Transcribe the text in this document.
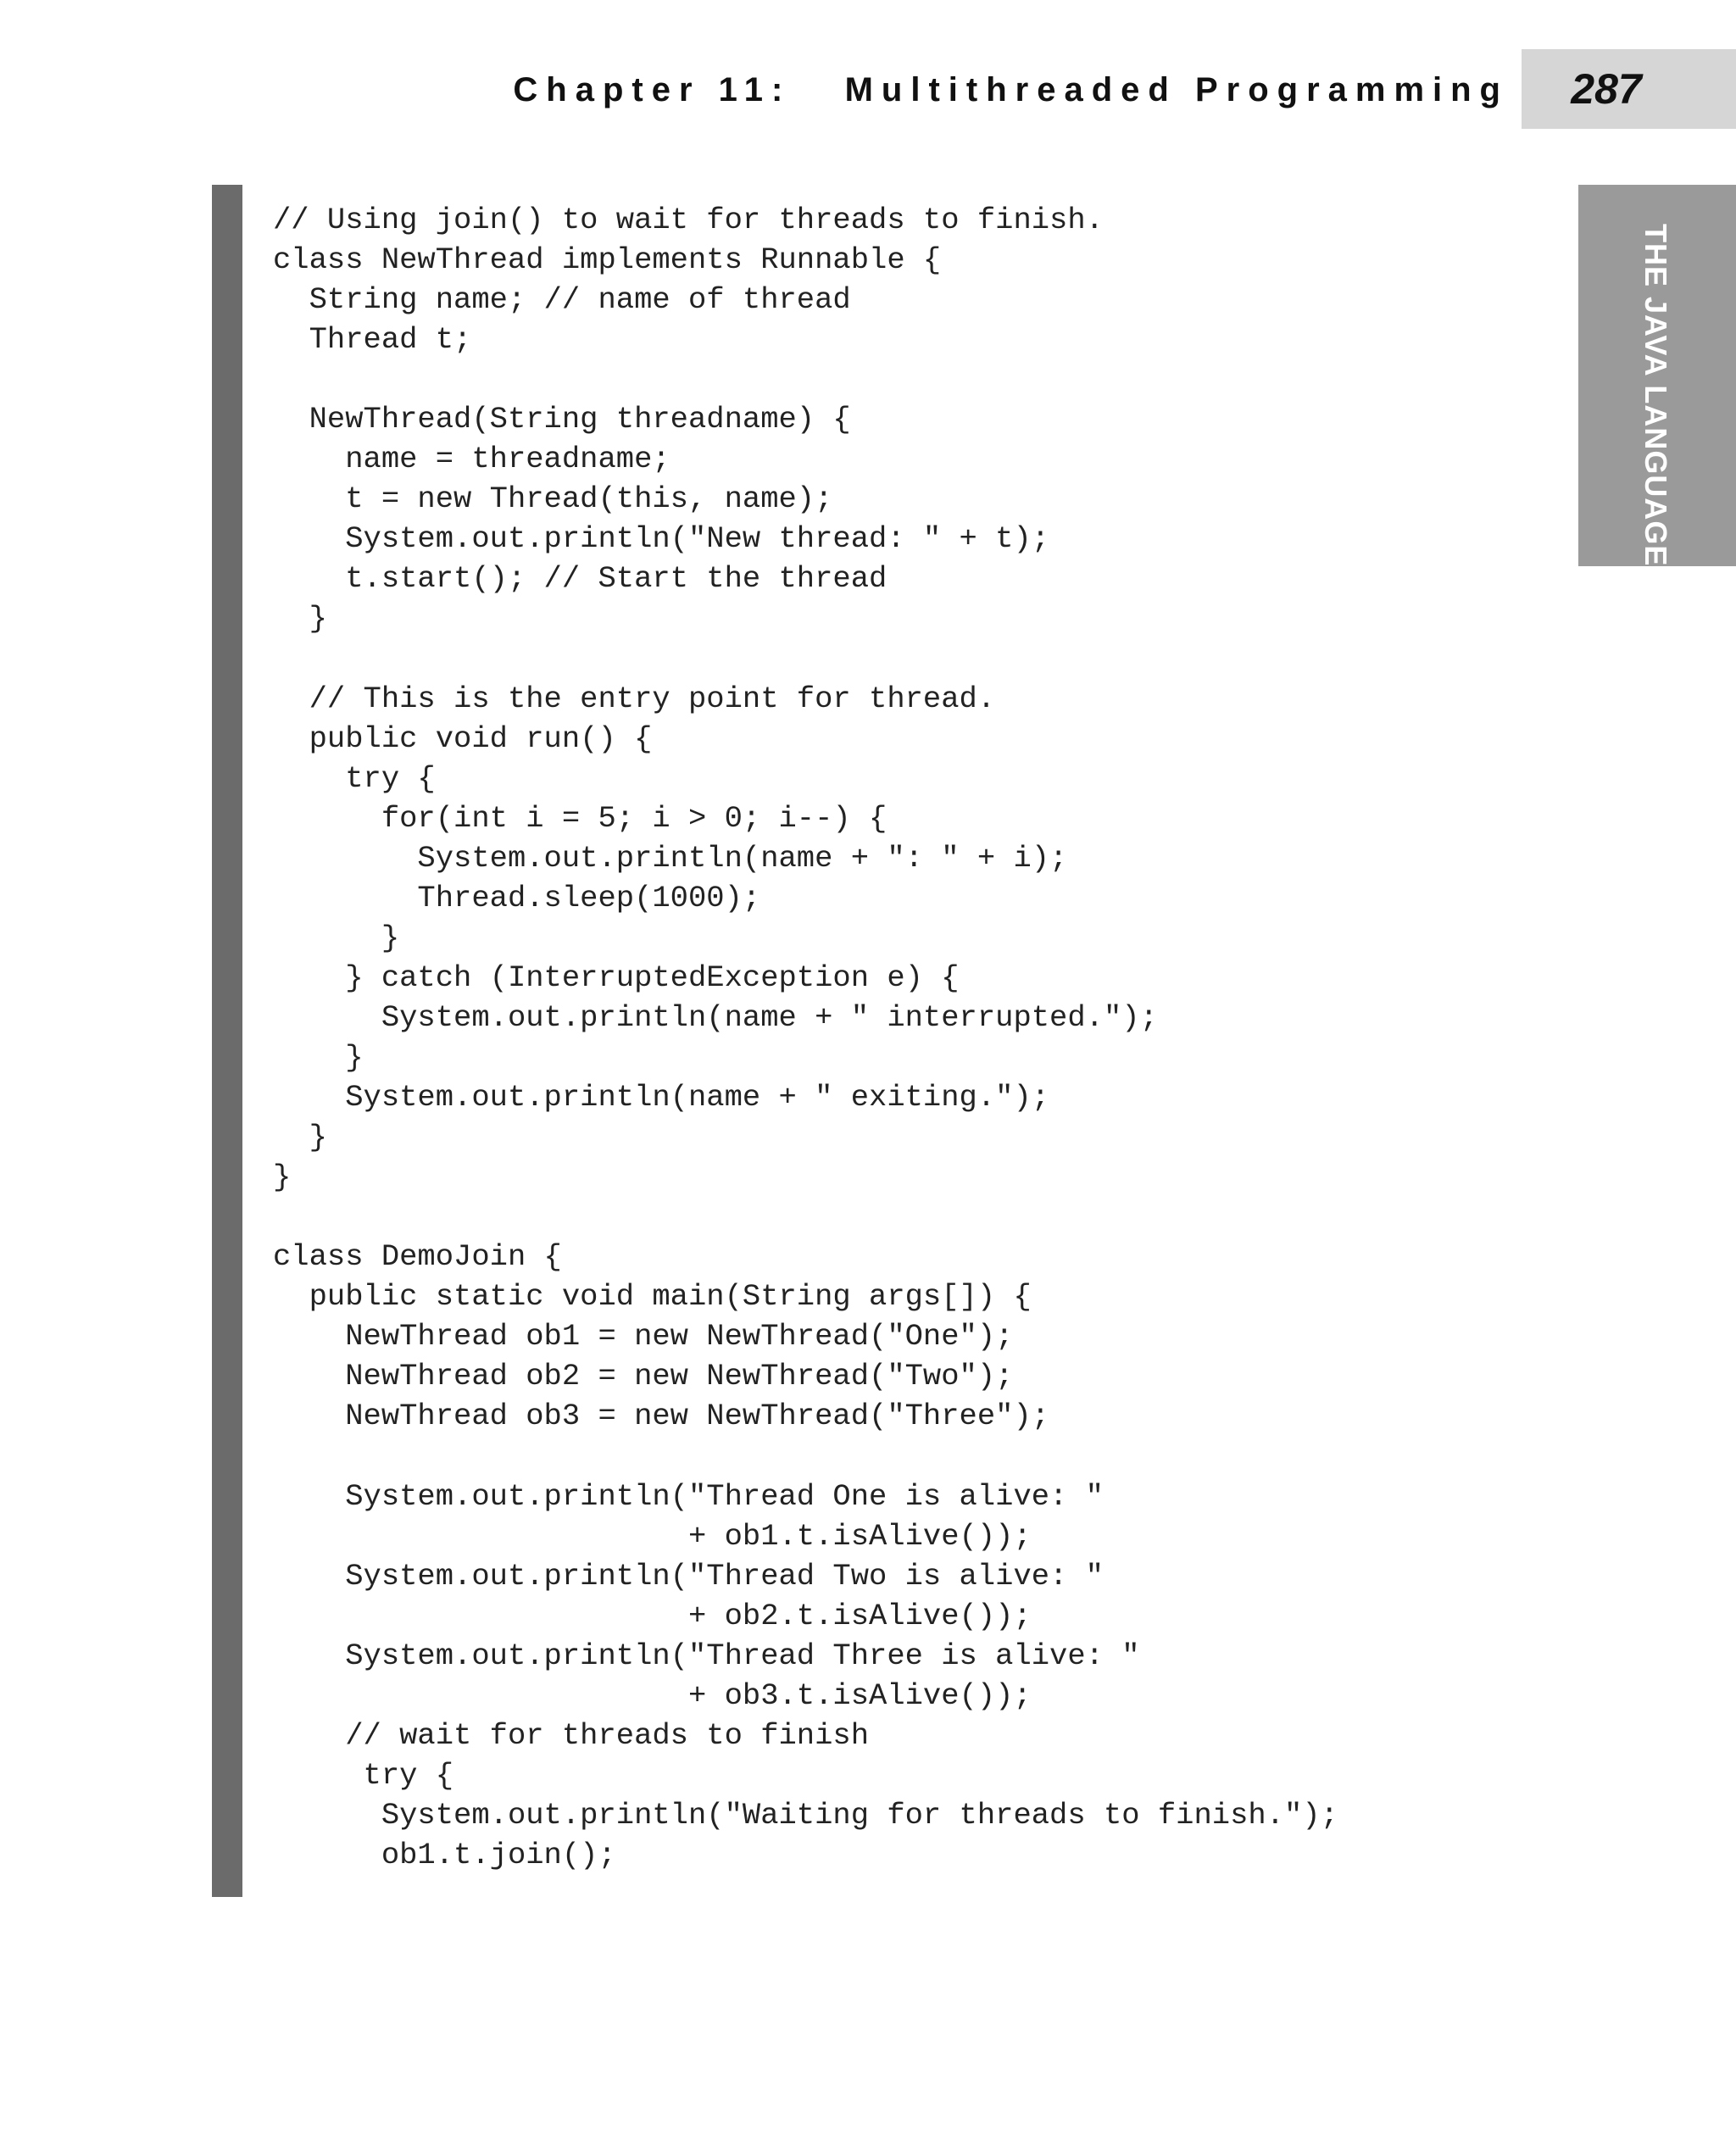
Chapter 11:   Multithreaded Programming	287
THE JAVA LANGUAGE
// Using join() to wait for threads to finish.
class NewThread implements Runnable {
String name; // name of thread
Thread t;

NewThread(String threadname) {
name = threadname;
t = new Thread(this, name);
System.out.println("New thread: " + t);
t.start(); // Start the thread
}

// This is the entry point for thread.
public void run() {
try {
for(int i = 5; i > 0; i--) {
System.out.println(name + ": " + i);
Thread.sleep(1000);
}
} catch (InterruptedException e) {
System.out.println(name + " interrupted.");
}
System.out.println(name + " exiting.");
}
}

class DemoJoin {
public static void main(String args[]) {
NewThread ob1 = new NewThread("One");
NewThread ob2 = new NewThread("Two");
NewThread ob3 = new NewThread("Three");

System.out.println("Thread One is alive: "
+ ob1.t.isAlive());
System.out.println("Thread Two is alive: "
+ ob2.t.isAlive());
System.out.println("Thread Three is alive: "
+ ob3.t.isAlive());
// wait for threads to finish
try {
System.out.println("Waiting for threads to finish.");
ob1.t.join();
